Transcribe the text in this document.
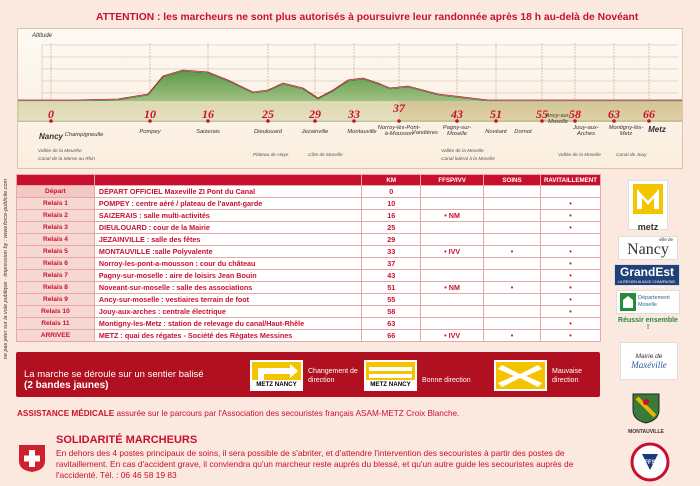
ne pas jeter sur la voie publique · impression by : www.force-publicite.com
ATTENTION : les marcheurs ne sont plus autorisés à poursuivre leur randonnée après 18 h au-delà de Novéant
Altitude
0	10	16	25	29 33	37	43 51	55 58 63 66
Nancy Champigneulle	Pompey	Saizerais	Dieulouard	Jezainville	Montauville
Norroy-lès-Pont-à-Mousson
Vandières
Pagny-sur-Moselle	Novéant Dornot
Ancy-sur-Moselle
Jouy-aux-Arches
Montigny-lès-Metz	Metz
Vallée de la Meurthe
Canal de la Marne au Rhin
Plateau de Haye	Côte de Moselle
Vallée de la Moselle
Canal latéral à la Moselle
Vallée de la Moselle	Canal de Jouy
		KM	FFSP/IVV	SOINS	RAVITAILLEMENT
Départ	DÉPART OFFICIEL Maxeville ZI Pont du Canal	0			
Relais 1	POMPEY : centre aéré / plateau de l'avant-garde	10			•
Relais 2	SAIZERAIS : salle multi-activités	16	• NM		•
Relais 3	DIEULOUARD : cour de la Mairie	25			•
Relais 4	JEZAINVILLE : salle des fêtes	29			
Relais 5	MONTAUVILLE :salle Polyvalente	33	• IVV	•	•
Relais 6	Norroy-les-pont-a-mousson : cour du château	37			•
Relais 7	Pagny-sur-moselle : aire de loisirs Jean Bouin	43			•
Relais 8	Noveant-sur-moselle : salle des associations	51	• NM	•	•
Relais 9	Ancy-sur-moselle : vestiaires terrain de foot	55			•
Relais 10	Jouy-aux-arches : centrale électrique	58			•
Relais 11	Montigny-les-Metz : station de relevage du canal/Haut-Rhêle	63			•
ARRIVEE	METZ : quai des régates - Société des Régates Messines	66	• IVV	•	•
La marche se déroule sur un sentier balisé
(2 bandes jaunes)	METZ NANCY
Changement de direction
METZ NANCY
Bonne direction
Mauvaise direction
ASSISTANCE MÉDICALE assurée sur le parcours par l'Association des secouristes français ASAM-METZ Croix Blanche.
SOLIDARITÉ MARCHEURS
En dehors des 4 postes principaux de soins, il sera possible de s'abriter, et d'attendre l'intervention des secouristes à partir des postes de ravitaillement. En cas d'accident grave, il conviendra qu'un marcheur reste auprès du blessé, et qu'un autre guide les secouristes auprès de l'accidenté. Tél. : 06 46 58 19 83
metz
ville de
Nancy
GrandEst
LA RÉGION ALSACE CHAMPAGNE-ARDENNE LORRAINE
Département Moselle
Réussir ensemble !
Mairie de
Maxéville
MONTAUVILLE
FFS
